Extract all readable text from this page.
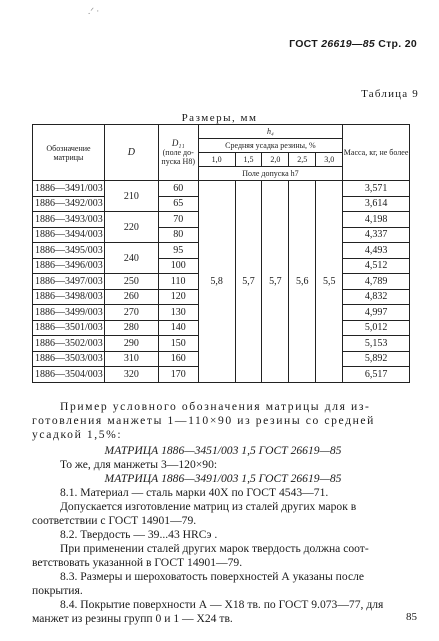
.ᐟ ·
ГОСТ 26619—85 Стр. 20
Таблица 9
Размеры, мм
Обозначение матрицы	D	D₁₁
(поле до-пуска H8)	h₄					Масса, кг, не более
			Средняя усадка резины, %					
			1,0	1,5	2,0	2,5	3,0	
			Поле допуска h7					
1886—3491/003	210	60	5,8	5,7	5,7	5,6	5,5	3,571
1886—3492/003		65						3,614
1886—3493/003	220	70						4,198
1886—3494/003		80						4,337
1886—3495/003	240	95						4,493
1886—3496/003		100						4,512
1886—3497/003	250	110						4,789
1886—3498/003	260	120						4,832
1886—3499/003	270	130						4,997
1886—3501/003	280	140						5,012
1886—3502/003	290	150						5,153
1886—3503/003	310	160						5,892
1886—3504/003	320	170						6,517
Пример условного обозначения матрицы для из-готовления манжеты 1—110×90 из резины со средней усадкой 1,5%:
МАТРИЦА 1886—3451/003 1,5 ГОСТ 26619—85
То же, для манжеты 3—120×90:
МАТРИЦА 1886—3491/003 1,5 ГОСТ 26619—85
8.1. Материал — сталь марки 40Х по ГОСТ 4543—71.
Допускается изготовление матриц из сталей других марок в соответствии с ГОСТ 14901—79.
8.2. Твердость — 39...43 HRCэ .
При применении сталей других марок твердость должна соот-ветствовать указанной в ГОСТ 14901—79.
8.3. Размеры и шероховатость поверхностей А указаны после покрытия.
8.4. Покрытие поверхности А — Х18 тв. по ГОСТ 9.073—77, для манжет из резины групп 0 и 1 — Х24 тв.	85
